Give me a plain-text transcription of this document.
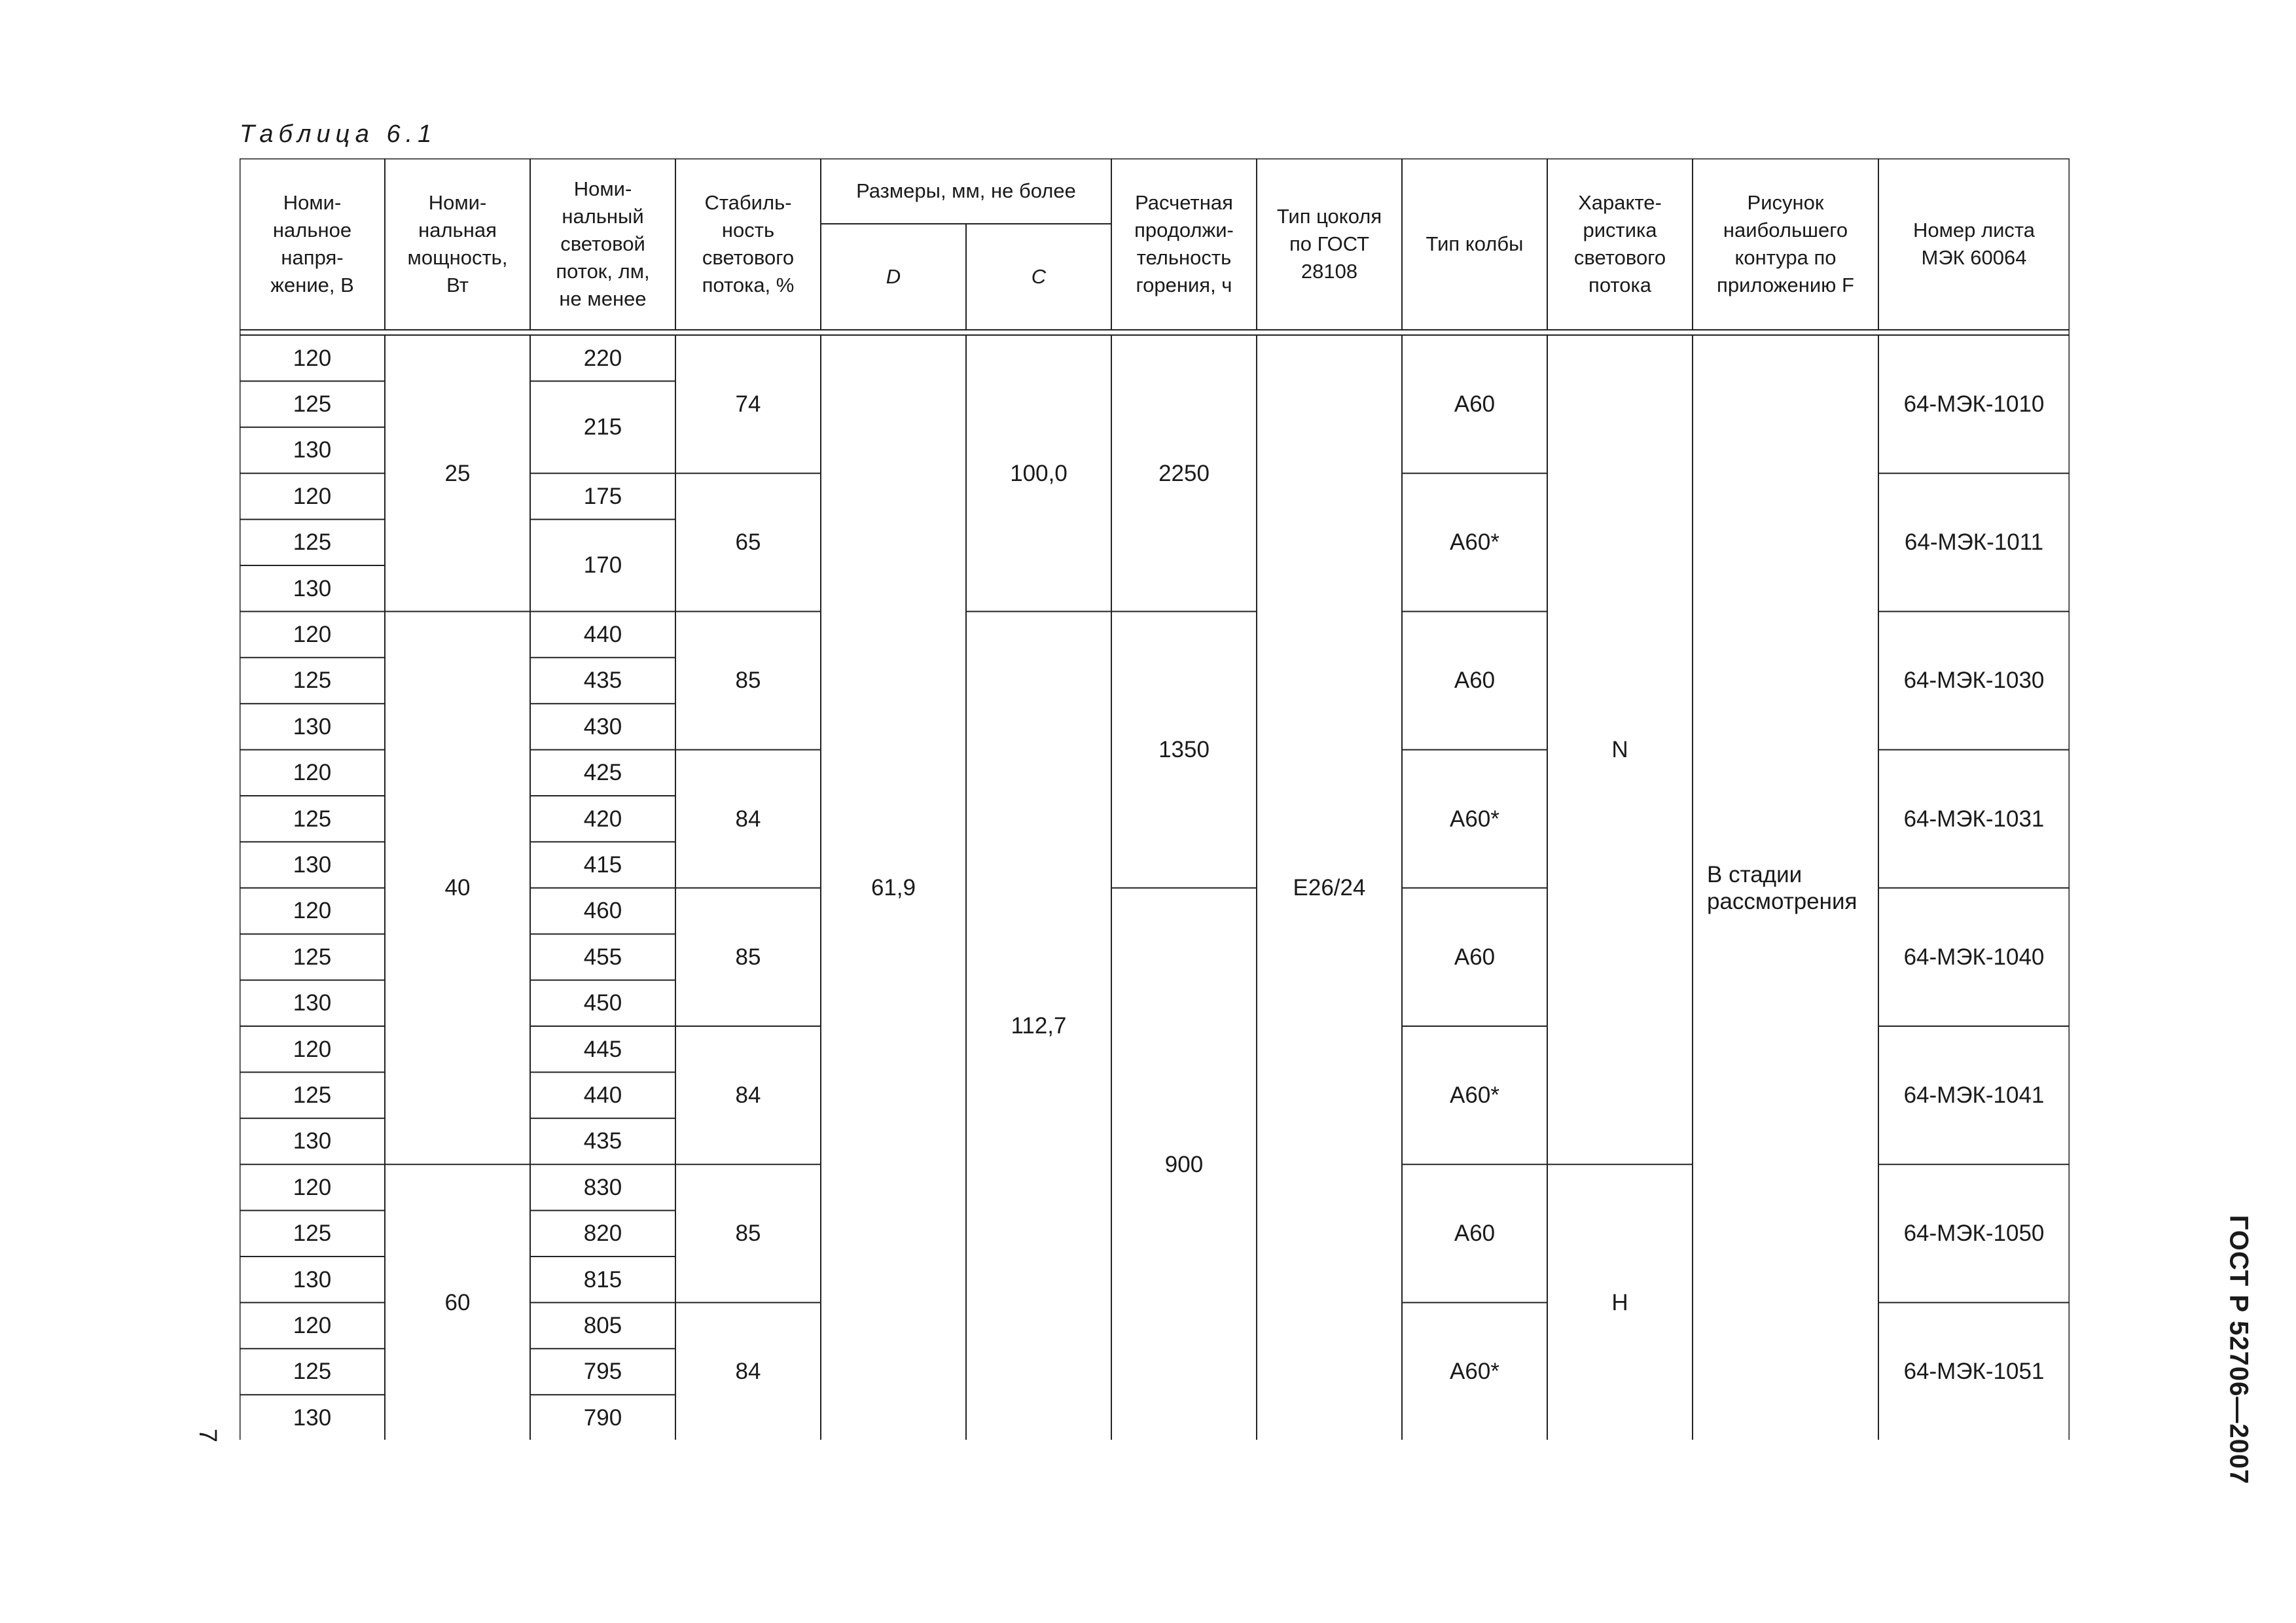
Таблица 6.1
Номи-
нальное
напря-
жение, В
Номи-
нальная
мощность,
Вт
Номи-
нальный
световой
поток, лм,
не менее
Стабиль-
ность
светового
потока, %
Расчетная
продолжи-
тельность
горения, ч
Тип цоколя
по ГОСТ
28108
Тип колбы
Характе-
ристика
светового
потока
Рисунок
наибольшего
контура по
приложению F
Номер листа
МЭК 60064
Размеры, мм, не более
D	C
120
125
130
120
125
130
120
125
130
120
125
130
120
125
130
120
125
130
120
125
130
120
125
130
25
40
60
220
215
175
170
440
435
430
425
420
415
460
455
450
445
440
435
830
820
815
805
795
790
74
65
85
84
85
84
85
84
61,9
100,0
112,7
2250
1350
900
E26/24
A60
A60*
A60
A60*
A60
A60*
A60
A60*
N
H
В стадии
рассмотрения
64-МЭК-1010
64-МЭК-1011
64-МЭК-1030
64-МЭК-1031
64-МЭК-1040
64-МЭК-1041
64-МЭК-1050
64-МЭК-1051
7	ГОСТ Р 52706—2007
